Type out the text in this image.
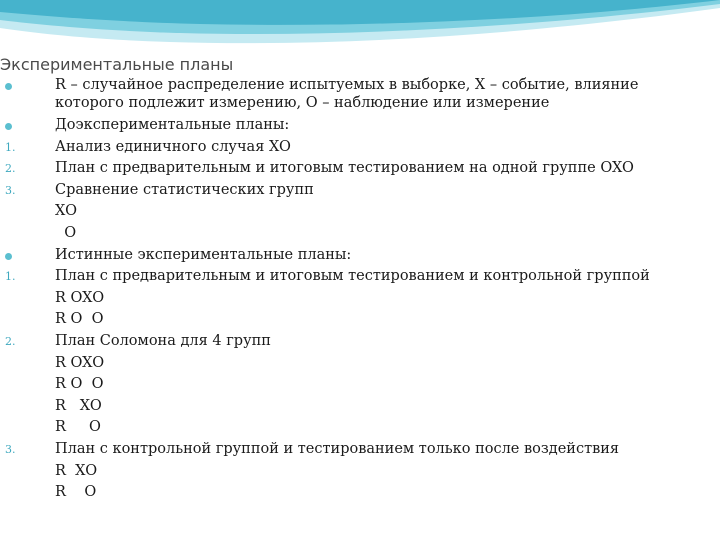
Экспериментальные планы
R – случайное распределение испытуемых в выборке, X – событие, влияние которого подлежит измерению, O – наблюдение или измерение
Доэкспериментальные планы:
1.	Анализ единичного случая XO
2.	План с предварительным и итоговым тестированием на одной группе OXO
3.	Сравнение статистических групп
XO
O
Истинные экспериментальные планы:
1.	План с предварительным и итоговым тестированием и контрольной группой
R OXO
R O  O
2.	План Соломона для 4 групп
R OXO
R O  O
R   XO
R     O
3.	План с контрольной группой и тестированием только после воздействия
R  XO
R    O
